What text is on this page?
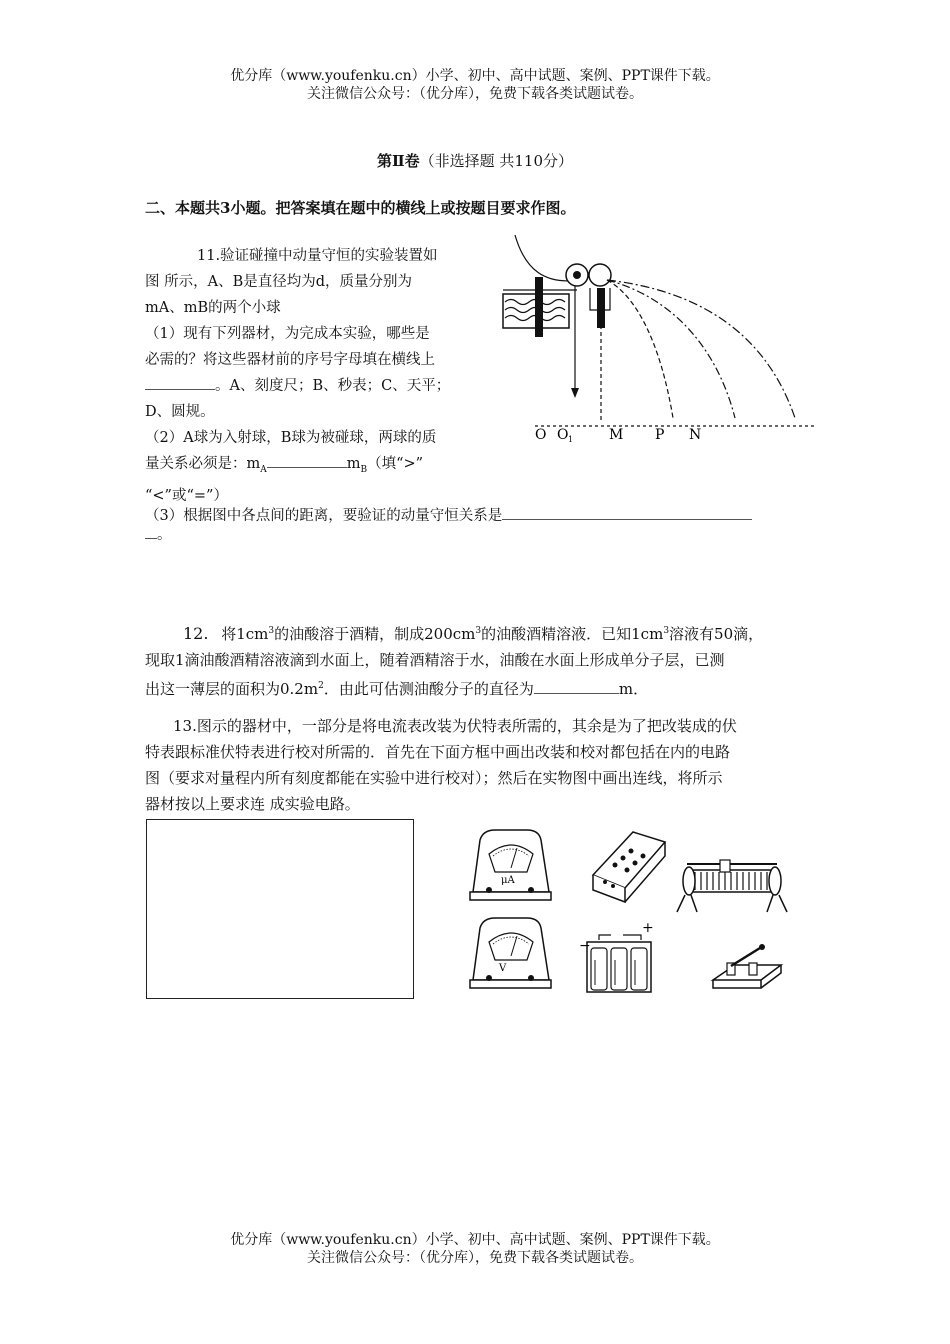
优分库（www.youfenku.cn）小学、初中、高中试题、案例、PPT课件下载。
关注微信公众号：（优分库），免费下载各类试题试卷。
第Ⅱ卷（非选择题 共110分）
二、本题共3小题。把答案填在题中的横线上或按题目要求作图。
11.验证碰撞中动量守恒的实验装置如
图 所示，A、B是直径均为d，质量分别为
mA、mB的两个小球
（1）现有下列器材，为完成本实验，哪些是
必需的？将这些器材前的序号字母填在横线上
。A、刻度尺；B、秒表；C、天平；
D、圆规。
（2）A球为入射球，B球为被碰球，两球的质
量关系必须是：$m_A$	$m_B$（填“>”
“<”或“=”）
（3）根据图中各点间的距离，要验证的动量守恒关系是
。
O O 1	M P N
12. 将$1cm^3$的油酸溶于酒精，制成$200cm^3$的油酸酒精溶液．已知$1cm^3$溶液有50滴，
现取1滴油酸酒精溶液滴到水面上，随着酒精溶于水，油酸在水面上形成单分子层，已测
出这一薄层的面积为$0.2m^2$．由此可估测油酸分子的直径为	m．
13.图示的器材中，一部分是将电流表改装为伏特表所需的，其余是为了把改装成的伏
特表跟标准伏特表进行校对所需的．首先在下面方框中画出改装和校对都包括在内的电路
图（要求对量程内所有刻度都能在实验中进行校对）；然后在实物图中画出连线，将所示
器材按以上要求连 成实验电路。
μA
V
−
+
优分库（www.youfenku.cn）小学、初中、高中试题、案例、PPT课件下载。
关注微信公众号：（优分库），免费下载各类试题试卷。
